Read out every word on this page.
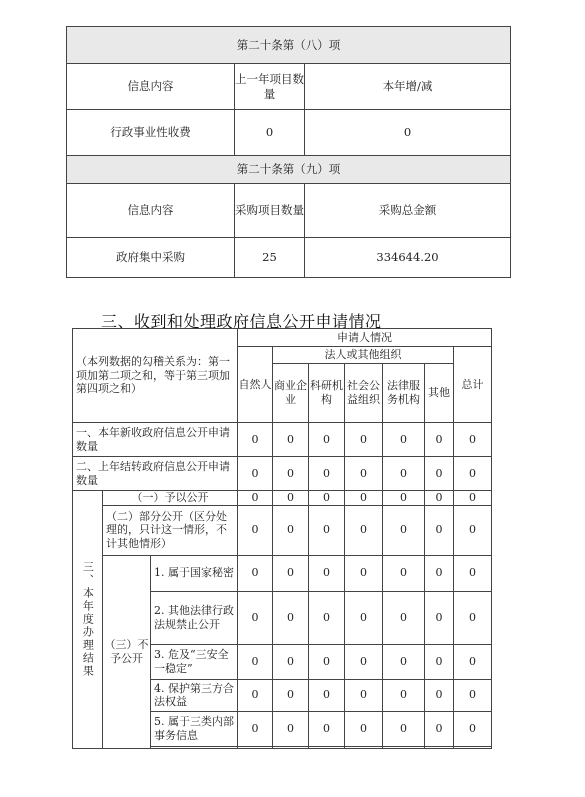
第二十条第（八）项		
信息内容	上一年项目数量	本年增/减
行政事业性收费	0	0
第二十条第（九）项		
信息内容	采购项目数量	采购总金额
政府集中采购	25	334644.20
三、收到和处理政府信息公开申请情况
（本列数据的勾稽关系为：第一项加第二项之和，等于第三项加第四项之和）			申请人情况						
			自然人	法人或其他组织					总计
				商业企业	科研机构	社会公益组织	法律服务机构	其他	
一、本年新收政府信息公开申请数量			0	0	0	0	0	0	0
二、上年结转政府信息公开申请数量			0	0	0	0	0	0	0
三、本年度办理结果	（一）予以公开		0	0	0	0	0	0	0
	（二）部分公开（区分处理的，只计这一情形，不计其他情形）		0	0	0	0	0	0	0
	（三）不予公开	1. 属于国家秘密	0	0	0	0	0	0	0
		2. 其他法律行政法规禁止公开	0	0	0	0	0	0	0
		3. 危及“三安全一稳定”	0	0	0	0	0	0	0
		4. 保护第三方合法权益	0	0	0	0	0	0	0
		5. 属于三类内部事务信息	0	0	0	0	0	0	0
